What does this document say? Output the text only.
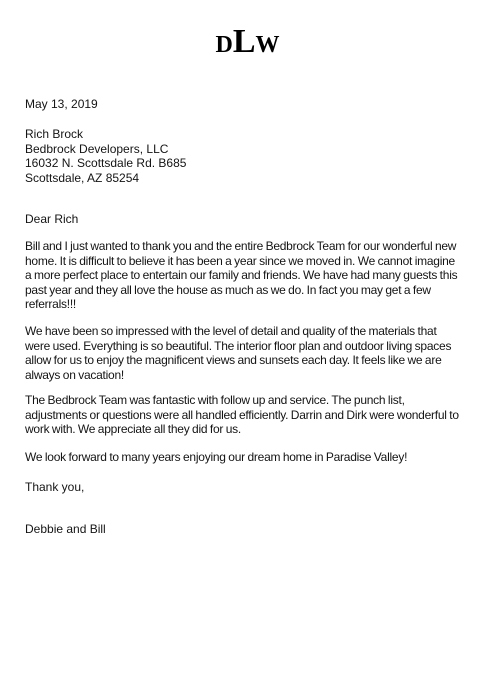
DLW
May 13, 2019
Rich Brock
Bedbrock Developers, LLC
16032 N. Scottsdale Rd. B685
Scottsdale, AZ 85254
Dear Rich
Bill and I just wanted to thank you and the entire Bedbrock Team for our wonderful new home. It is difficult to believe it has been a year since we moved in. We cannot imagine a more perfect place to entertain our family and friends. We have had many guests this past year and they all love the house as much as we do. In fact you may get a few referrals!!!
We have been so impressed with the level of detail and quality of the materials that were used. Everything is so beautiful. The interior floor plan and outdoor living spaces allow for us to enjoy the magnificent views and sunsets each day. It feels like we are always on vacation!
The Bedbrock Team was fantastic with follow up and service. The punch list, adjustments or questions were all handled efficiently. Darrin and Dirk were wonderful to work with. We appreciate all they did for us.
We look forward to many years enjoying our dream home in Paradise Valley!
Thank you,
Debbie and Bill
